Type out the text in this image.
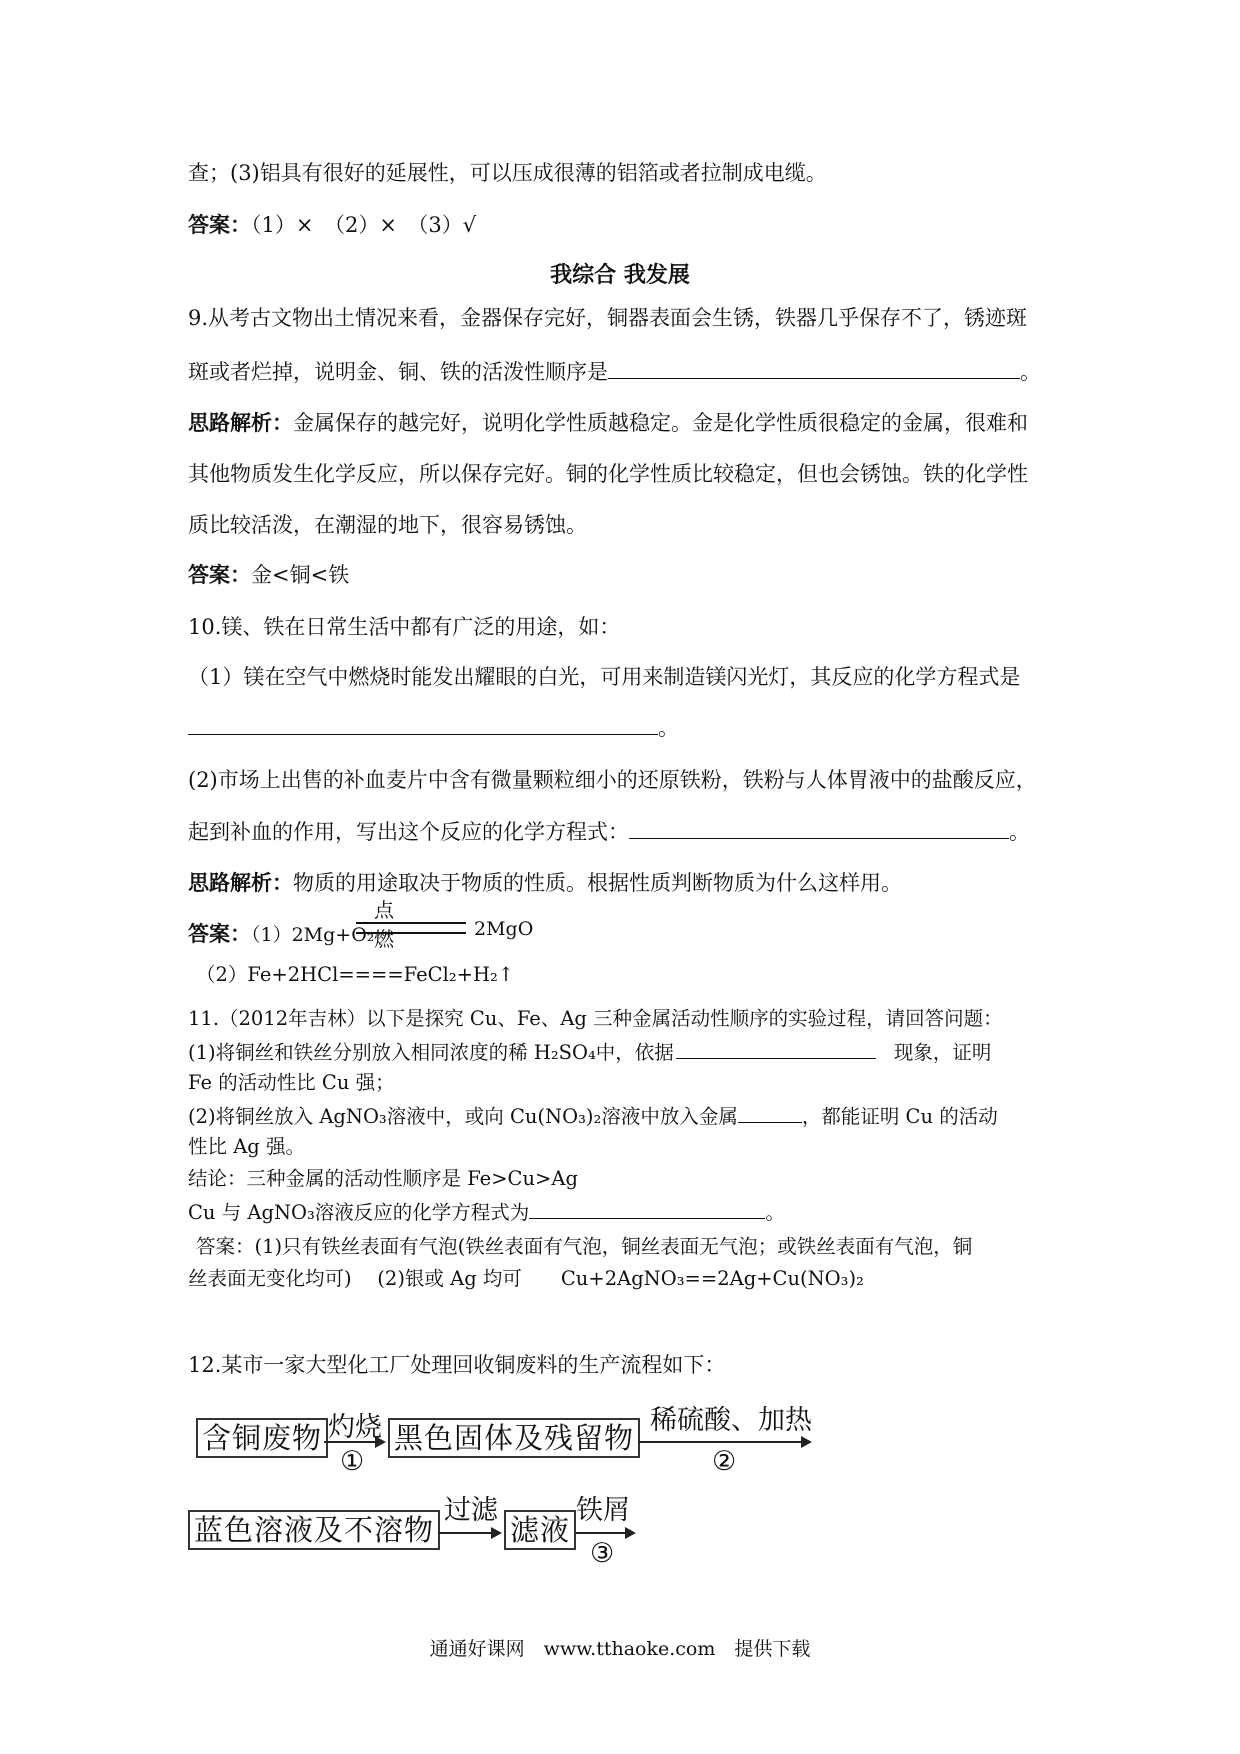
查；(3)铝具有很好的延展性，可以压成很薄的铝箔或者拉制成电缆。
答案：（1）×　（2）×　（3）√
我综合 我发展
9.从考古文物出土情况来看，金器保存完好，铜器表面会生锈，铁器几乎保存不了，锈迹斑
斑或者烂掉，说明金、铜、铁的活泼性顺序是	。
思路解析：金属保存的越完好，说明化学性质越稳定。金是化学性质很稳定的金属，很难和
其他物质发生化学反应，所以保存完好。铜的化学性质比较稳定，但也会锈蚀。铁的化学性
质比较活泼，在潮湿的地下，很容易锈蚀。
答案：金<铜<铁
10.镁、铁在日常生活中都有广泛的用途，如：
（1）镁在空气中燃烧时能发出耀眼的白光，可用来制造镁闪光灯，其反应的化学方程式是
。
(2)市场上出售的补血麦片中含有微量颗粒细小的还原铁粉，铁粉与人体胃液中的盐酸反应，
起到补血的作用，写出这个反应的化学方程式：	。
思路解析：物质的用途取决于物质的性质。根据性质判断物质为什么这样用。
答案：（1）2Mg+O₂
点燃	2MgO
（2）Fe+2HCl====FeCl₂+H₂↑
11.（2012年吉林）以下是探究 Cu、Fe、Ag 三种金属活动性顺序的实验过程，请回答问题：
(1)将铜丝和铁丝分别放入相同浓度的稀 H₂SO₄中，依据	现象，证明
Fe 的活动性比 Cu 强；
(2)将铜丝放入 AgNO₃溶液中，或向 Cu(NO₃)₂溶液中放入金属	，都能证明 Cu 的活动
性比 Ag 强。
结论：三种金属的活动性顺序是 Fe>Cu>Ag
Cu 与 AgNO₃溶液反应的化学方程式为	。
答案：(1)只有铁丝表面有气泡(铁丝表面有气泡，铜丝表面无气泡；或铁丝表面有气泡，铜
丝表面无变化均可)　 (2)银或 Ag 均可　　Cu+2AgNO₃==2Ag+Cu(NO₃)₂
12.某市一家大型化工厂处理回收铜废料的生产流程如下：
含铜废物 灼烧
①
黑色固体及残留物
稀硫酸、加热
②
蓝色溶液及不溶物
过滤
滤液
铁屑
③
通通好课网　www.tthaoke.com　提供下载
